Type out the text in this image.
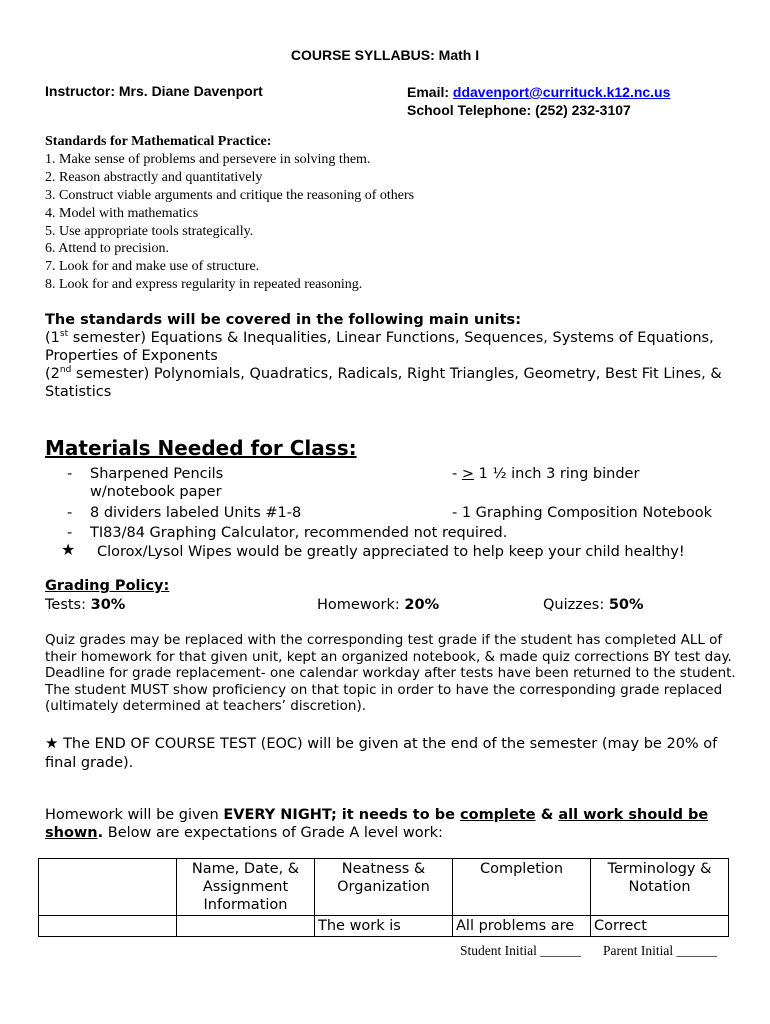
COURSE SYLLABUS: Math I
Instructor: Mrs. Diane Davenport	Email: ddavenport@currituck.k12.nc.us
School Telephone: (252) 232-3107
Standards for Mathematical Practice:
1. Make sense of problems and persevere in solving them.
2. Reason abstractly and quantitatively
3. Construct viable arguments and critique the reasoning of others
4. Model with mathematics
5. Use appropriate tools strategically.
6. Attend to precision.
7. Look for and make use of structure.
8. Look for and express regularity in repeated reasoning.
The standards will be covered in the following main units:
(1st semester) Equations & Inequalities, Linear Functions, Sequences, Systems of Equations,
Properties of Exponents
(2nd semester) Polynomials, Quadratics, Radicals, Right Triangles, Geometry, Best Fit Lines, & Statistics
Materials Needed for Class:
- Sharpened Pencils
w/notebook paper
- > 1 ½ inch 3 ring binder
- 8 dividers labeled Units #1-8	- 1 Graphing Composition Notebook
- TI83/84 Graphing Calculator, recommended not required.
★ Clorox/Lysol Wipes would be greatly appreciated to help keep your child healthy!
Grading Policy:
Tests: 30%	Homework: 20%	Quizzes: 50%
Quiz grades may be replaced with the corresponding test grade if the student has completed ALL of their homework for that given unit, kept an organized notebook, & made quiz corrections BY test day. Deadline for grade replacement- one calendar workday after tests have been returned to the student. The student MUST show proficiency on that topic in order to have the corresponding grade replaced (ultimately determined at teachers’ discretion).
★ The END OF COURSE TEST (EOC) will be given at the end of the semester (may be 20% of final grade).
Homework will be given EVERY NIGHT; it needs to be complete & all work should be shown. Below are expectations of Grade A level work:
	Name, Date, & Assignment Information	Neatness & Organization	Completion	Terminology & Notation
		The work is	All problems are	Correct
Student Initial ______ Parent Initial ______
